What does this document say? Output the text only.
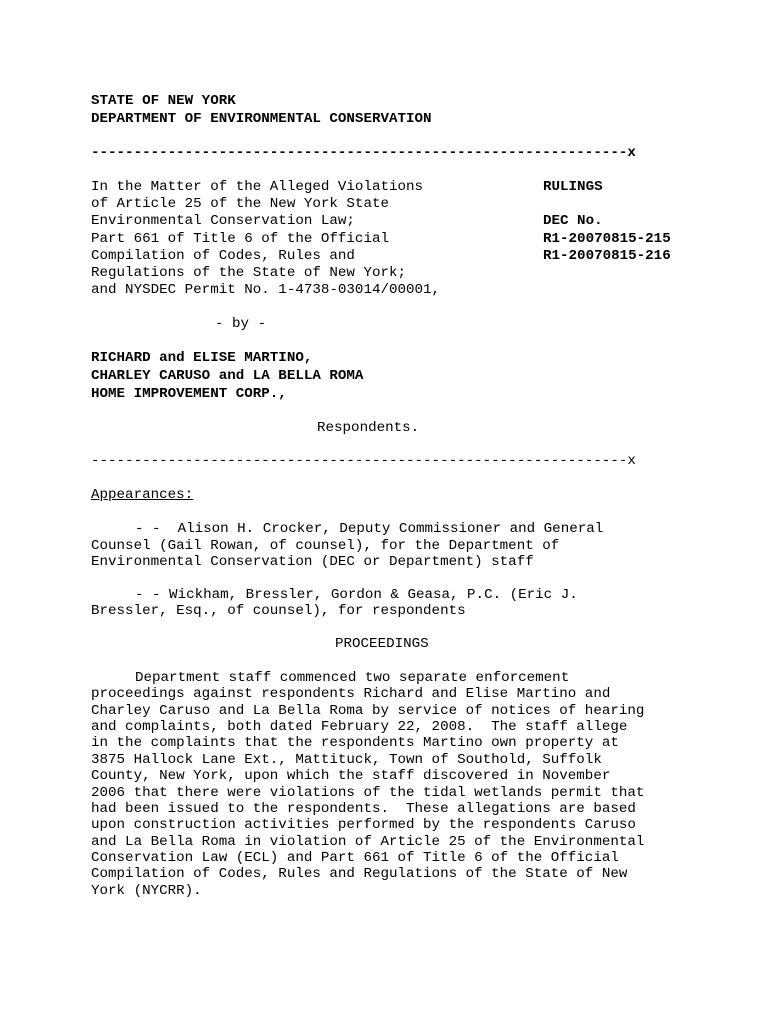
STATE OF NEW YORK
DEPARTMENT OF ENVIRONMENTAL CONSERVATION
---------------------------------------------------------------x
In the Matter of the Alleged Violations	RULINGS
of Article 25 of the New York State
Environmental Conservation Law;	DEC No.
Part 661 of Title 6 of the Official	R1-20070815-215
Compilation of Codes, Rules and	R1-20070815-216
Regulations of the State of New York;
and NYSDEC Permit No. 1-4738-03014/00001,
- by -
RICHARD and ELISE MARTINO,
CHARLEY CARUSO and LA BELLA ROMA
HOME IMPROVEMENT CORP.,
Respondents.
---------------------------------------------------------------x
Appearances:
- -  Alison H. Crocker, Deputy Commissioner and General
Counsel (Gail Rowan, of counsel), for the Department of
Environmental Conservation (DEC or Department) staff
- - Wickham, Bressler, Gordon & Geasa, P.C. (Eric J.
Bressler, Esq., of counsel), for respondents
PROCEEDINGS
Department staff commenced two separate enforcement
proceedings against respondents Richard and Elise Martino and
Charley Caruso and La Bella Roma by service of notices of hearing
and complaints, both dated February 22, 2008.  The staff allege
in the complaints that the respondents Martino own property at
3875 Hallock Lane Ext., Mattituck, Town of Southold, Suffolk
County, New York, upon which the staff discovered in November
2006 that there were violations of the tidal wetlands permit that
had been issued to the respondents.  These allegations are based
upon construction activities performed by the respondents Caruso
and La Bella Roma in violation of Article 25 of the Environmental
Conservation Law (ECL) and Part 661 of Title 6 of the Official
Compilation of Codes, Rules and Regulations of the State of New
York (NYCRR).
